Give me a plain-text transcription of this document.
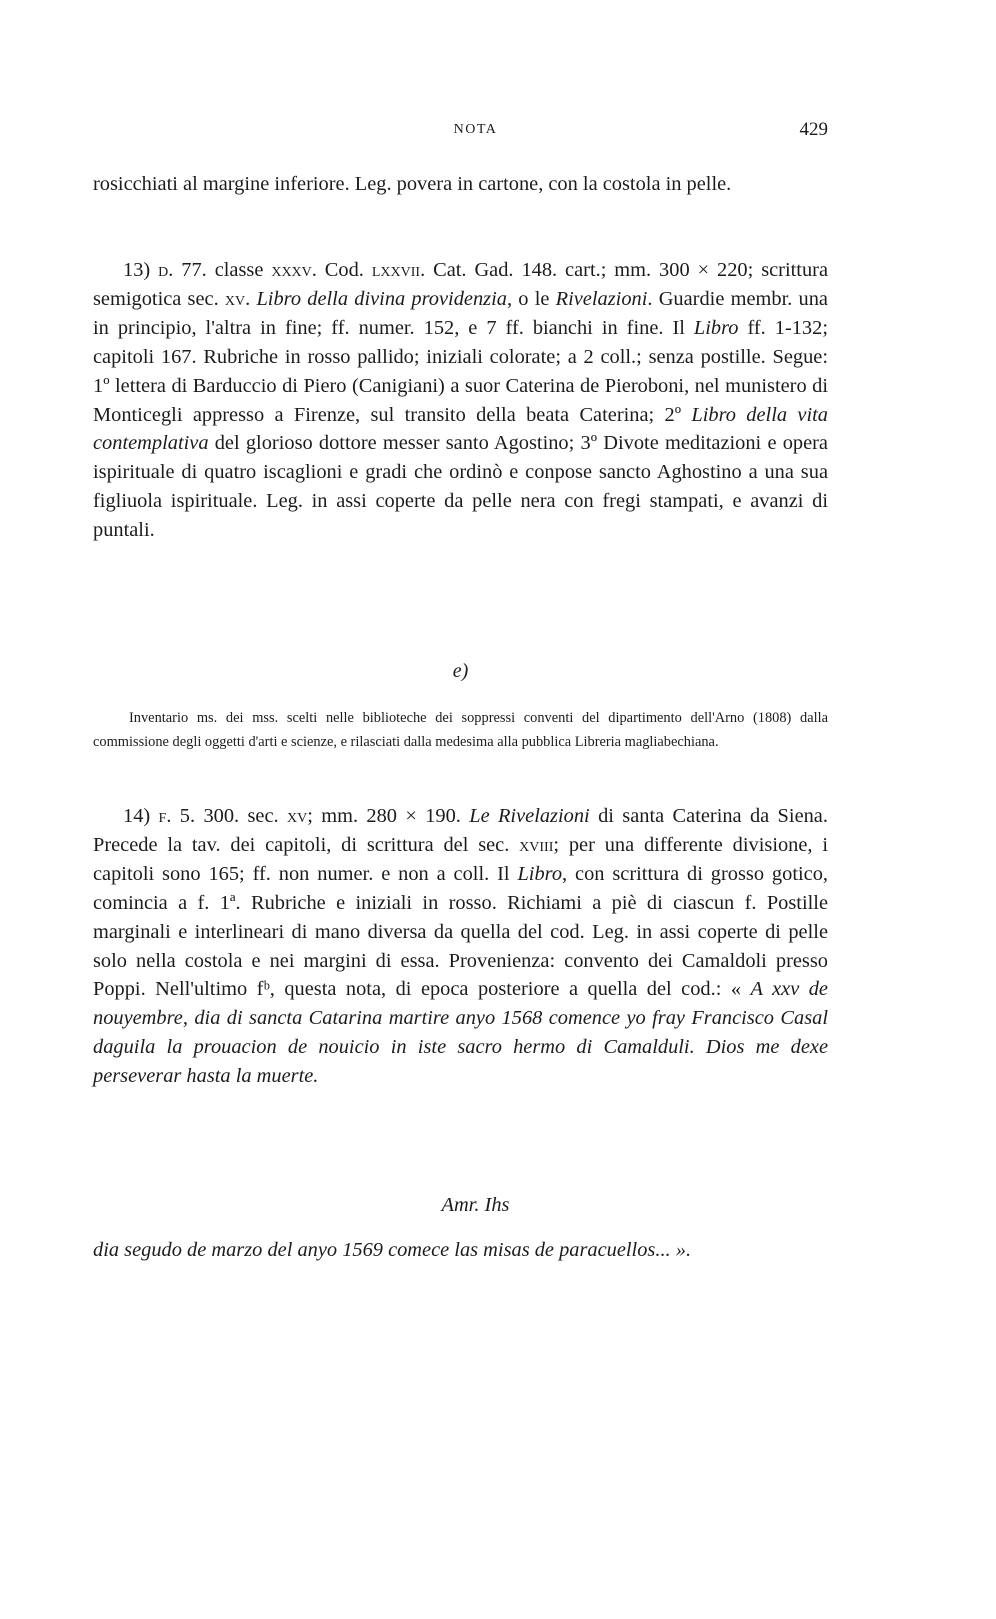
NOTA	429

rosicchiati al margine inferiore. Leg. povera in cartone, con la costola in pelle.

13) d. 77. classe xxxv. Cod. lxxvii. Cat. Gad. 148. cart.; mm. 300 × 220; scrittura semigotica sec. xv. Libro della divina providenzia, o le Rivelazioni. Guardie membr. una in principio, l'altra in fine; ff. numer. 152, e 7 ff. bianchi in fine. Il Libro ff. 1-132; capitoli 167. Rubriche in rosso pallido; iniziali colorate; a 2 coll.; senza postille. Segue: 1º lettera di Barduccio di Piero (Canigiani) a suor Caterina de Pieroboni, nel munistero di Monticegli appresso a Firenze, sul transito della beata Caterina; 2º Libro della vita contemplativa del glorioso dottore messer santo Agostino; 3º Divote meditazioni e opera ispirituale di quatro iscaglioni e gradi che ordinò e conpose sancto Aghostino a una sua figliuola ispirituale. Leg. in assi coperte da pelle nera con fregi stampati, e avanzi di puntali.

e)

Inventario ms. dei mss. scelti nelle biblioteche dei soppressi conventi del dipartimento dell'Arno (1808) dalla commissione degli oggetti d'arti e scienze, e rilasciati dalla medesima alla pubblica Libreria magliabechiana.

14) f. 5. 300. sec. xv; mm. 280 × 190. Le Rivelazioni di santa Caterina da Siena. Precede la tav. dei capitoli, di scrittura del sec. xviii; per una differente divisione, i capitoli sono 165; ff. non numer. e non a coll. Il Libro, con scrittura di grosso gotico, comincia a f. 1ª. Rubriche e iniziali in rosso. Richiami a piè di ciascun f. Postille marginali e interlineari di mano diversa da quella del cod. Leg. in assi coperte di pelle solo nella costola e nei margini di essa. Provenienza: convento dei Camaldoli presso Poppi. Nell'ultimo fᵇ, questa nota, di epoca posteriore a quella del cod.: « A xxv de nouyembre, dia di sancta Catarina martire anyo 1568 comence yo fray Francisco Casal daguila la prouacion de nouicio in iste sacro hermo di Camalduli. Dios me dexe perseverar hasta la muerte.

Amr. Ihs

dia segudo de marzo del anyo 1569 comece las misas de paracuellos... ».
